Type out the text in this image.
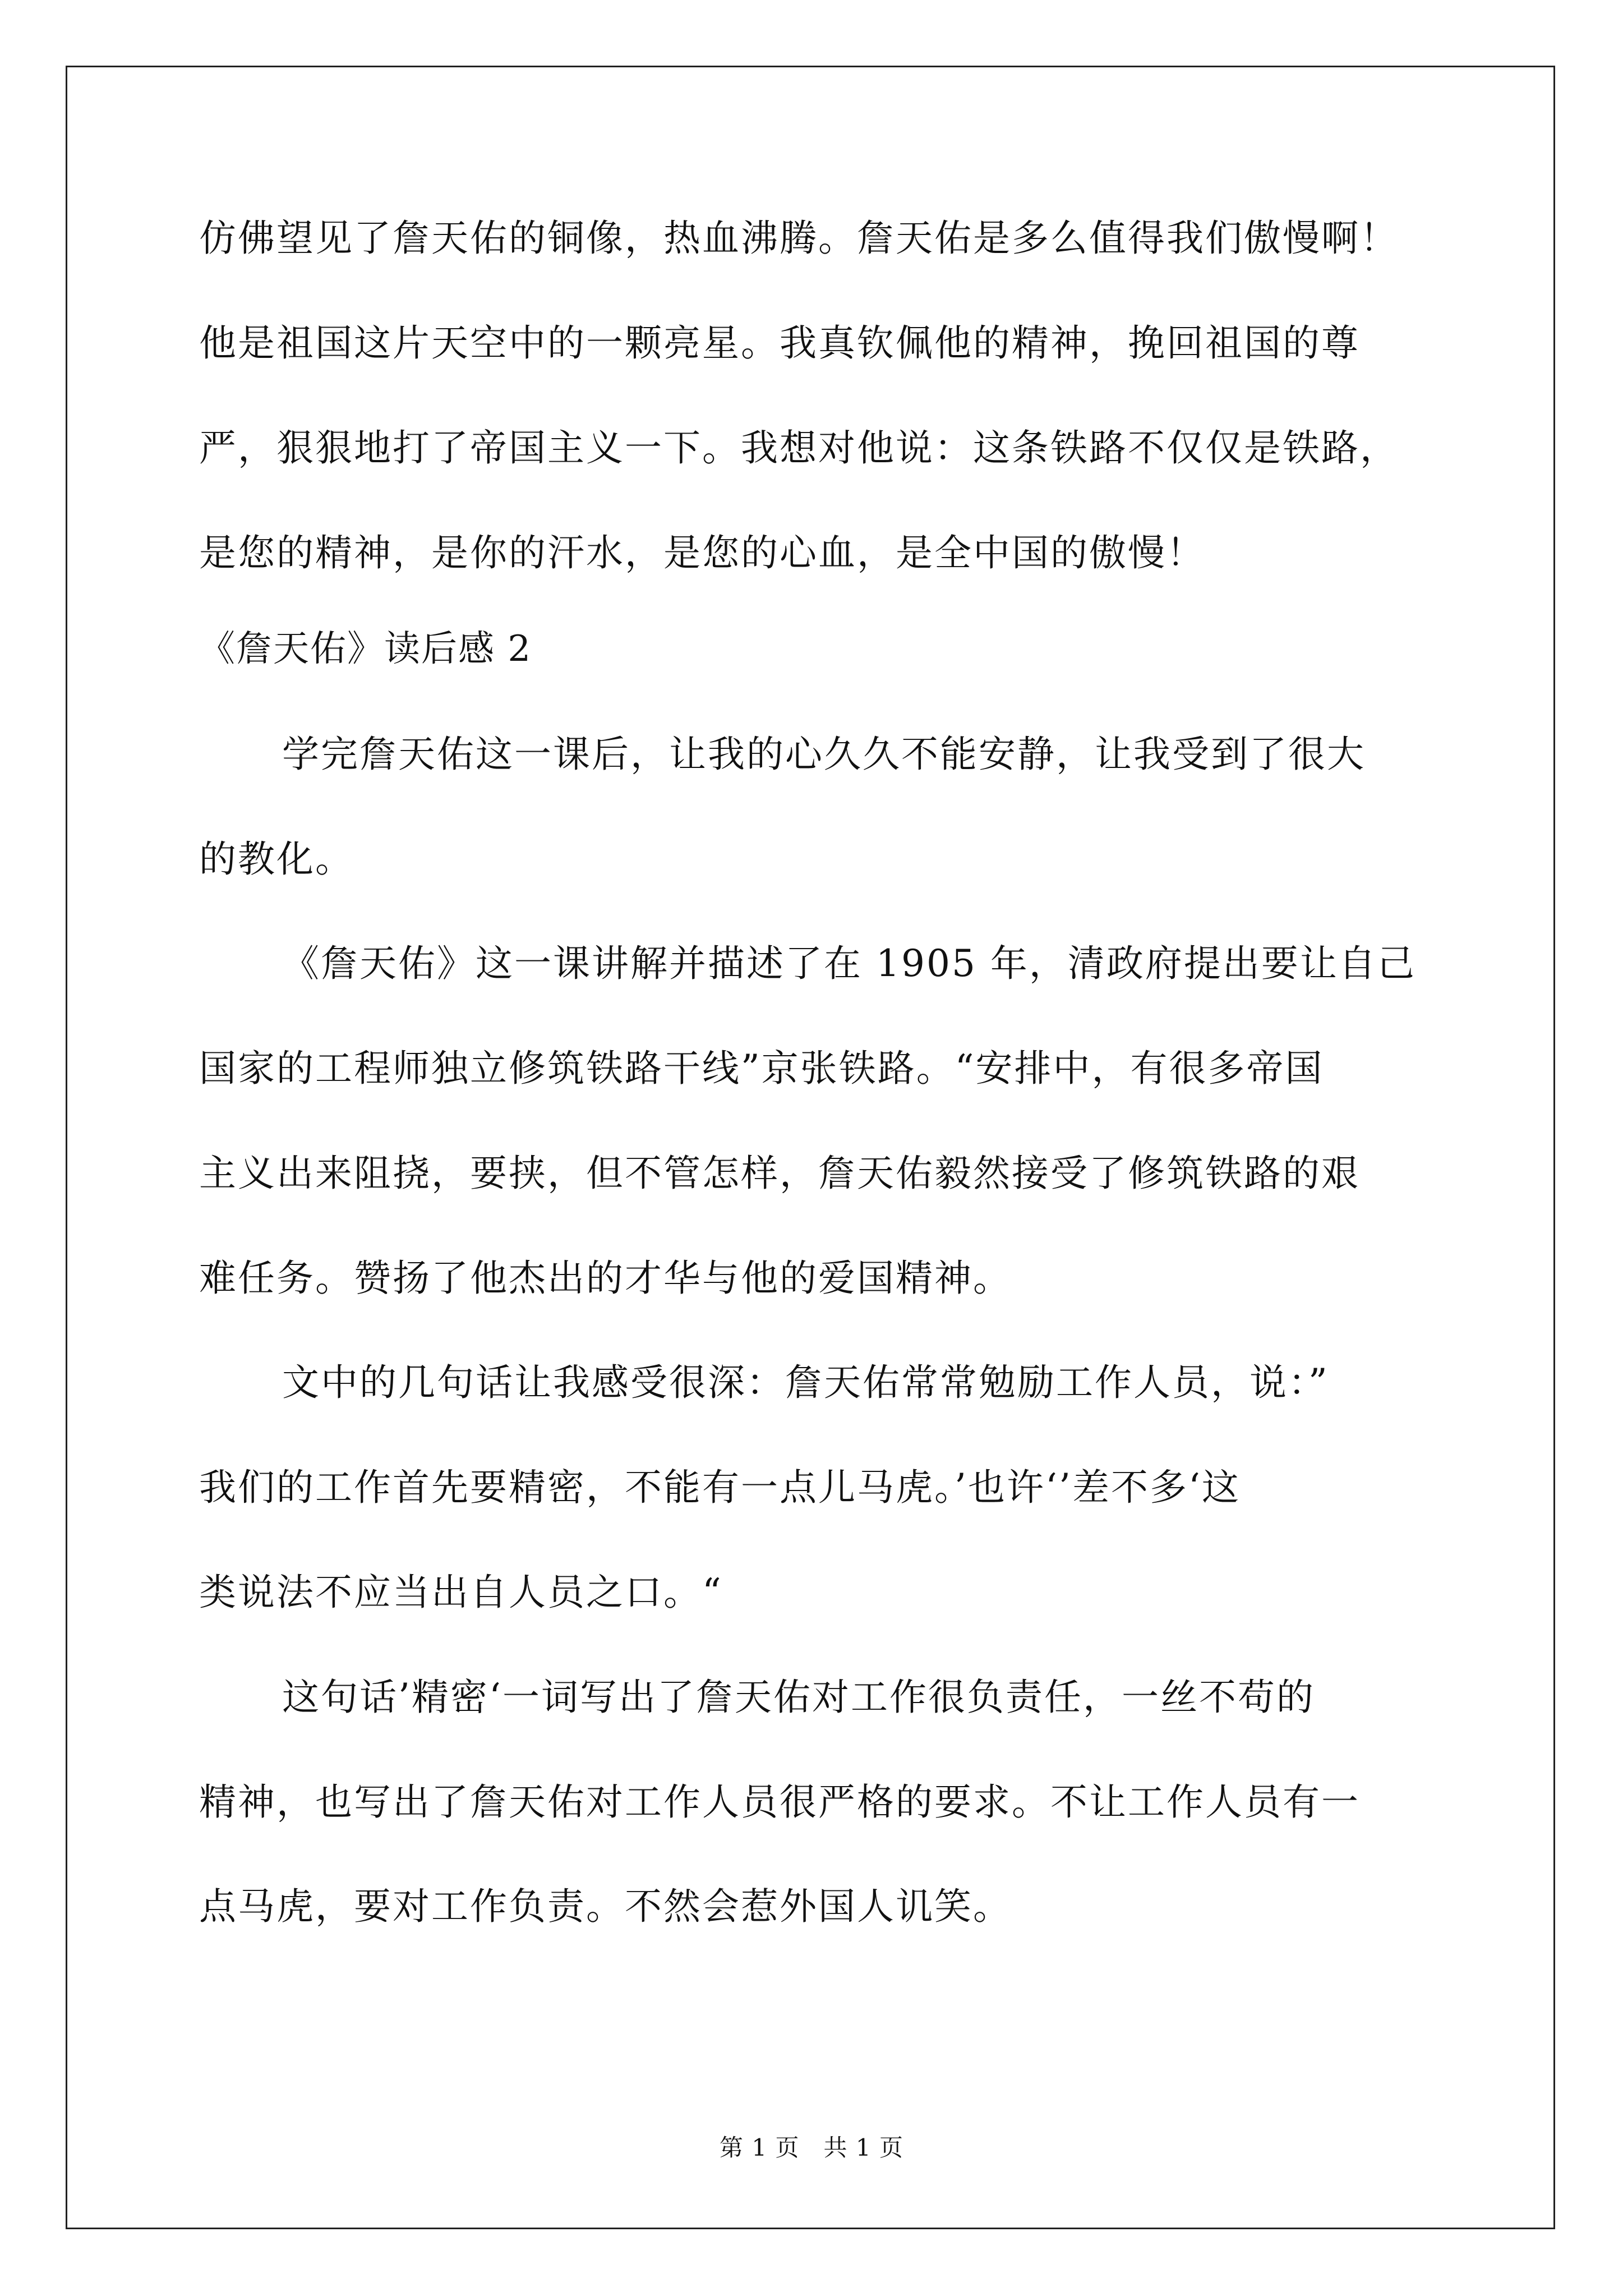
仿佛望见了詹天佑的铜像，热血沸腾。詹天佑是多么值得我们傲慢啊！
他是祖国这片天空中的一颗亮星。我真钦佩他的精神，挽回祖国的尊
严，狠狠地打了帝国主义一下。我想对他说：这条铁路不仅仅是铁路，
是您的精神，是你的汗水，是您的心血，是全中国的傲慢！
《詹天佑》读后感 2
学完詹天佑这一课后，让我的心久久不能安静，让我受到了很大
的教化。
《詹天佑》这一课讲解并描述了在 1905 年，清政府提出要让自己
国家的工程师独立修筑铁路干线”京张铁路。“安排中，有很多帝国
主义出来阻挠，要挟，但不管怎样，詹天佑毅然接受了修筑铁路的艰
难任务。赞扬了他杰出的才华与他的爱国精神。
文中的几句话让我感受很深：詹天佑常常勉励工作人员，说：”
我们的工作首先要精密，不能有一点儿马虎。’也许‘’差不多‘这
类说法不应当出自人员之口。“
这句话’精密‘一词写出了詹天佑对工作很负责任，一丝不苟的
精神，也写出了詹天佑对工作人员很严格的要求。不让工作人员有一
点马虎，要对工作负责。不然会惹外国人讥笑。
第 1 页   共 1 页
